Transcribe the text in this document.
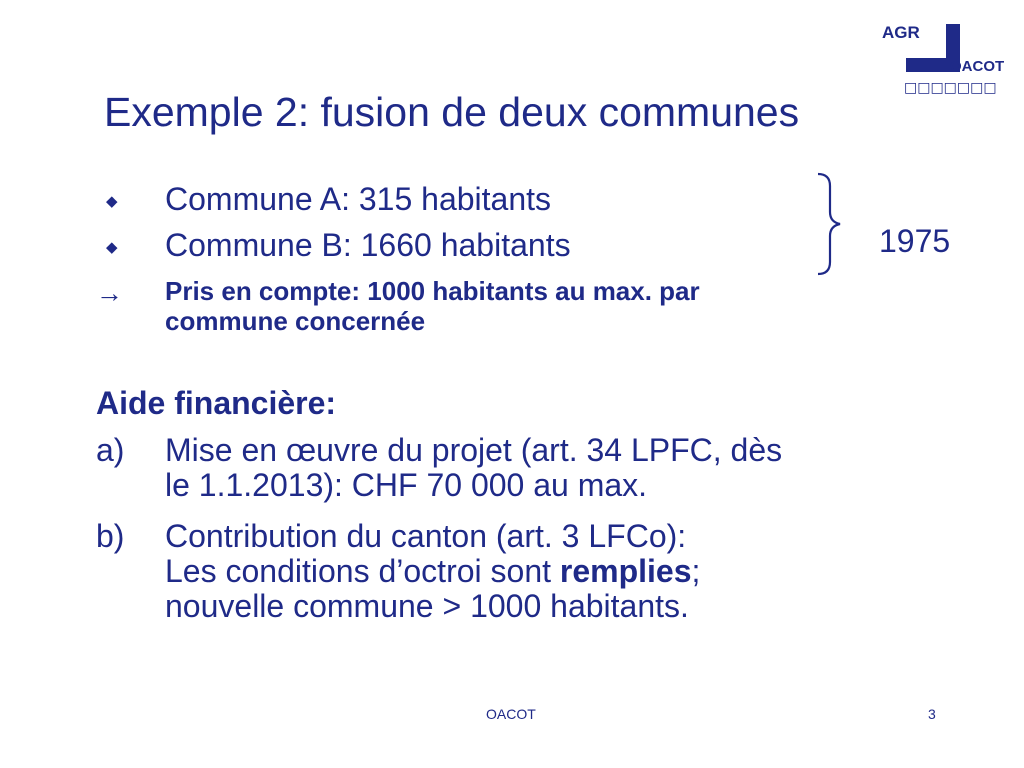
Exemple 2: fusion de deux communes
AGR
OACOT
□□□□□□□
◆ Commune A: 315 habitants
◆ Commune B: 1660 habitants
→ Pris en compte: 1000 habitants au max. par
commune concernée
1975
Aide financière:
a) Mise en œuvre du projet (art. 34 LPFC, dès
le 1.1.2013): CHF 70 000 au max.
b) Contribution du canton (art. 3 LFCo):
Les conditions d’octroi sont remplies;
nouvelle commune > 1000 habitants.
OACOT	3
